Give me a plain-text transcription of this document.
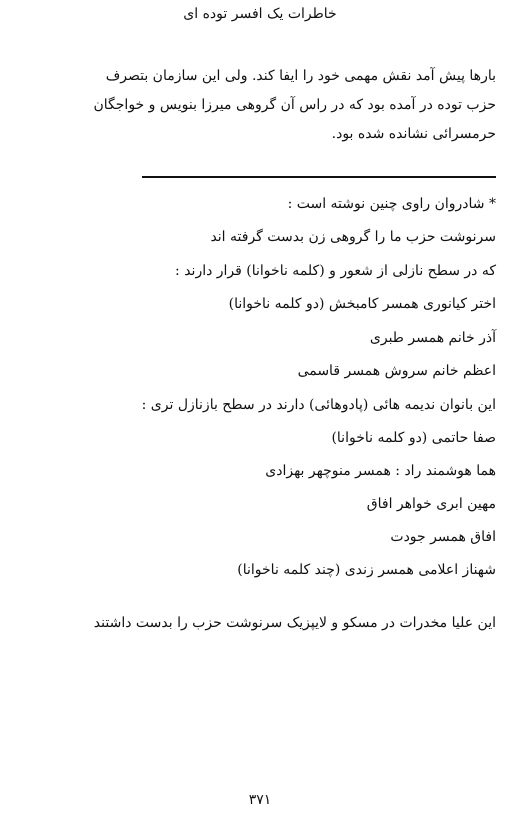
خاطرات یک افسر توده ای

بارها پیش آمد نقش مهمی خود را ایفا کند. ولی این سازمان بتصرف

حزب توده در آمده بود که در راس آن گروهی میرزا بنویس و خواجگان

حرمسرائی نشانده شده بود.

* شادروان راوی چنین نوشته است :
سرنوشت حزب ما را گروهی زن بدست گرفته اند
که در سطح نازلی از شعور و (کلمه ناخوانا) قرار دارند :
اختر کیانوری همسر کامبخش (دو کلمه ناخوانا)
آذر خانم همسر طبری
اعظم خانم سروش همسر قاسمی
این بانوان ندیمه هائی (پادوهائی) دارند در سطح بازنازل تری :
صفا حاتمی (دو کلمه ناخوانا)
هما هوشمند راد : همسر منوچهر بهزادی
مهین ابری خواهر افاق
افاق همسر جودت
شهناز اعلامی همسر زندی (چند کلمه ناخوانا)
این علیا مخدرات در مسکو و لایپزیک سرنوشت حزب را بدست داشتند
۳۷۱
